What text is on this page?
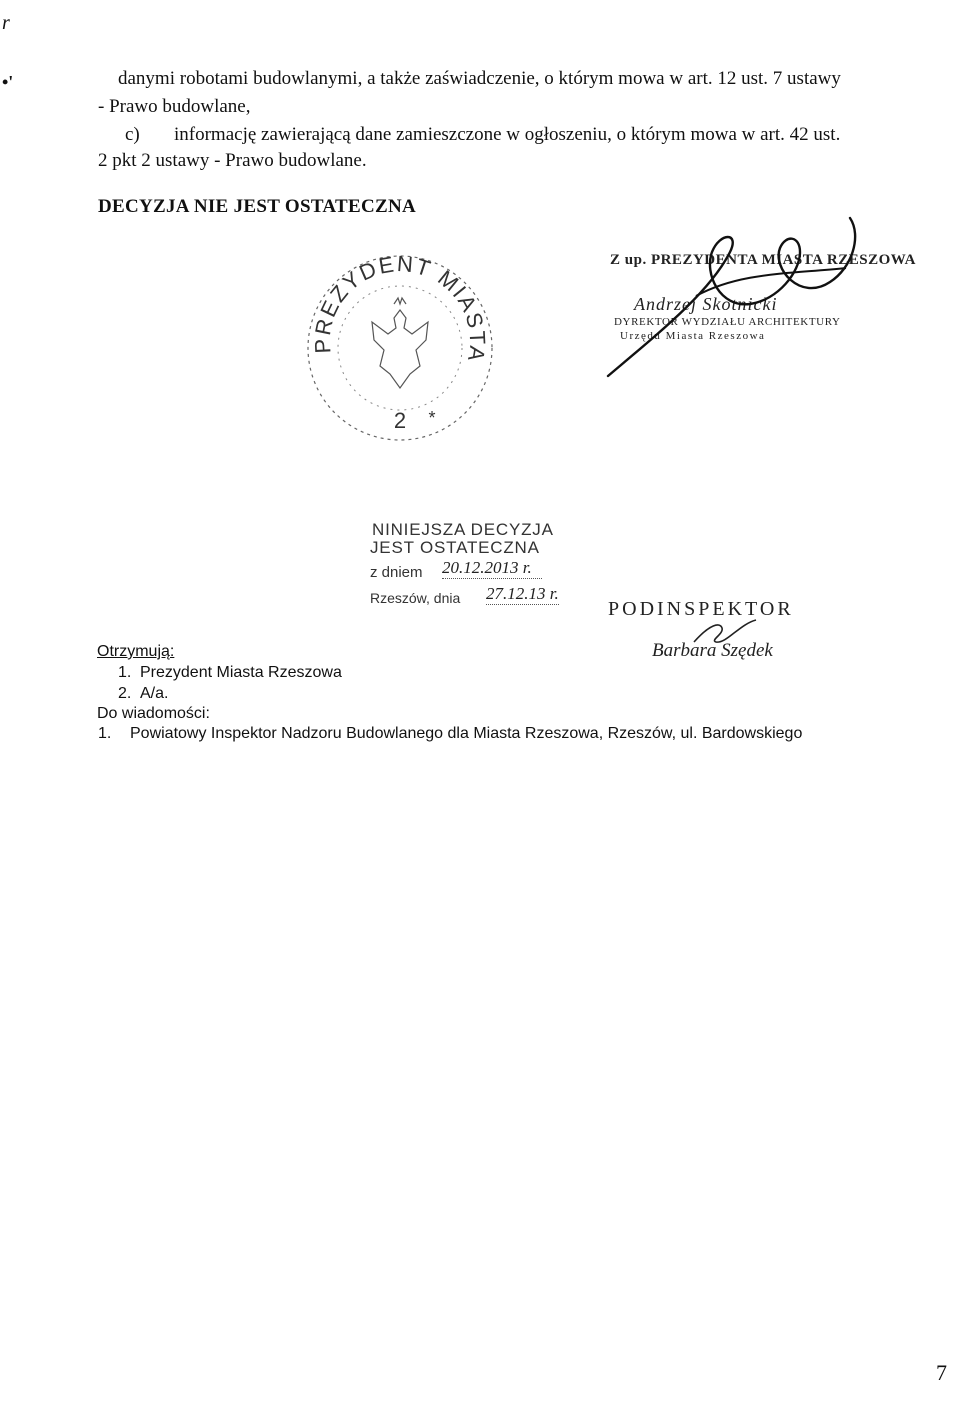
r
•'	danymi robotami budowlanymi, a także zaświadczenie, o którym mowa w art. 12 ust. 7 ustawy
- Prawo budowlane,
c) informację zawierającą dane zamieszczone w ogłoszeniu, o którym mowa w art. 42 ust.
2 pkt 2 ustawy - Prawo budowlane.
DECYZJA NIE JEST OSTATECZNA
PREZYDENT MIASTA
2 *
Z up. PREZYDENTA MIASTA RZESZOWA
Andrzej Skotnicki
DYREKTOR WYDZIAŁU ARCHITEKTURY
Urzędu Miasta Rzeszowa
NINIEJSZA DECYZJA
JEST OSTATECZNA
z dniem 20.12.2013 r.
Rzeszów, dnia 27.12.13 r.
PODINSPEKTOR
Barbara Szędek
Otrzymują:
1. Prezydent Miasta Rzeszowa
2. A/a.
Do wiadomości:
1. Powiatowy Inspektor Nadzoru Budowlanego dla Miasta Rzeszowa, Rzeszów, ul. Bardowskiego
7
